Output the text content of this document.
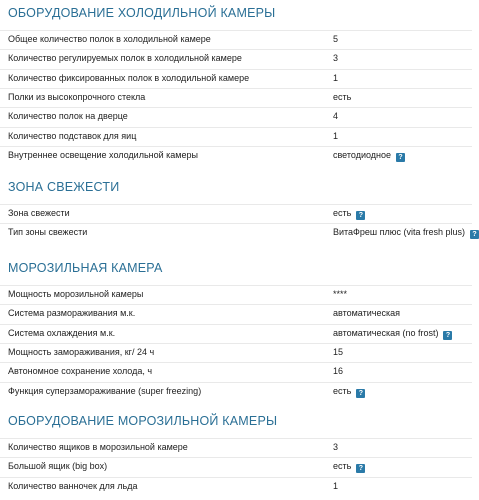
ОБОРУДОВАНИЕ ХОЛОДИЛЬНОЙ КАМЕРЫ
Общее количество полок в холодильной камере	5
Количество регулируемых полок в холодильной камере	3
Количество фиксированных полок в холодильной камере	1
Полки из высокопрочного стекла	есть
Количество полок на дверце	4
Количество подставок для яиц	1
Внутреннее освещение холодильной камеры	светодиодное ?
ЗОНА СВЕЖЕСТИ
Зона свежести	есть ?
Тип зоны свежести	ВитаФреш плюс (vita fresh plus) ?
МОРОЗИЛЬНАЯ КАМЕРА
Мощность морозильной камеры	****
Система размораживания м.к.	автоматическая
Система охлаждения м.к.	автоматическая (no frost) ?
Мощность замораживания, кг/ 24 ч	15
Автономное сохранение холода, ч	16
Функция суперзамораживание (super freezing)	есть ?
ОБОРУДОВАНИЕ МОРОЗИЛЬНОЙ КАМЕРЫ
Количество ящиков в морозильной камере	3
Большой ящик (big box)	есть ?
Количество ванночек для льда	1
